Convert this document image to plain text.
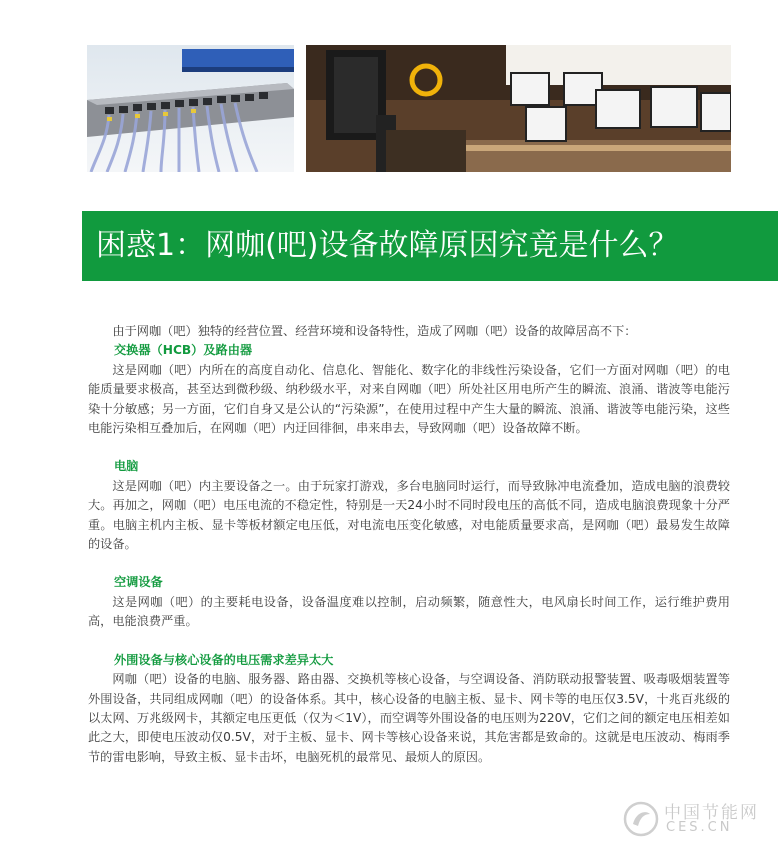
困惑1：网咖(吧)设备故障原因究竟是什么？

由于网咖（吧）独特的经营位置、经营环境和设备特性，造成了网咖（吧）设备的故障居高不下：

交换器（HCB）及路由器

这是网咖（吧）内所在的高度自动化、信息化、智能化、数字化的非线性污染设备，它们一方面对网咖（吧）的电能质量要求极高，甚至达到微秒级、纳秒级水平，对来自网咖（吧）所处社区用电所产生的瞬流、浪涌、谐波等电能污染十分敏感；另一方面，它们自身又是公认的“污染源”，在使用过程中产生大量的瞬流、浪涌、谐波等电能污染，这些电能污染相互叠加后，在网咖（吧）内迂回徘徊，串来串去，导致网咖（吧）设备故障不断。

电脑

这是网咖（吧）内主要设备之一。由于玩家打游戏，多台电脑同时运行，而导致脉冲电流叠加，造成电脑的浪费较大。再加之，网咖（吧）电压电流的不稳定性，特别是一天24小时不同时段电压的高低不同，造成电脑浪费现象十分严重。电脑主机内主板、显卡等板材额定电压低，对电流电压变化敏感，对电能质量要求高，是网咖（吧）最易发生故障的设备。

空调设备

这是网咖（吧）的主要耗电设备，设备温度难以控制，启动频繁，随意性大，电风扇长时间工作，运行维护费用高，电能浪费严重。

外围设备与核心设备的电压需求差异太大

网咖（吧）设备的电脑、服务器、路由器、交换机等核心设备，与空调设备、消防联动报警装置、吸毒吸烟装置等外围设备，共同组成网咖（吧）的设备体系。其中，核心设备的电脑主板、显卡、网卡等的电压仅3.5V，十兆百兆级的以太网、万兆级网卡，其额定电压更低（仅为＜1V），而空调等外围设备的电压则为220V，它们之间的额定电压相差如此之大，即使电压波动仅0.5V，对于主板、显卡、网卡等核心设备来说，其危害都是致命的。这就是电压波动、梅雨季节的雷电影响，导致主板、显卡击坏，电脑死机的最常见、最烦人的原因。

中国节能网
CES.CN
